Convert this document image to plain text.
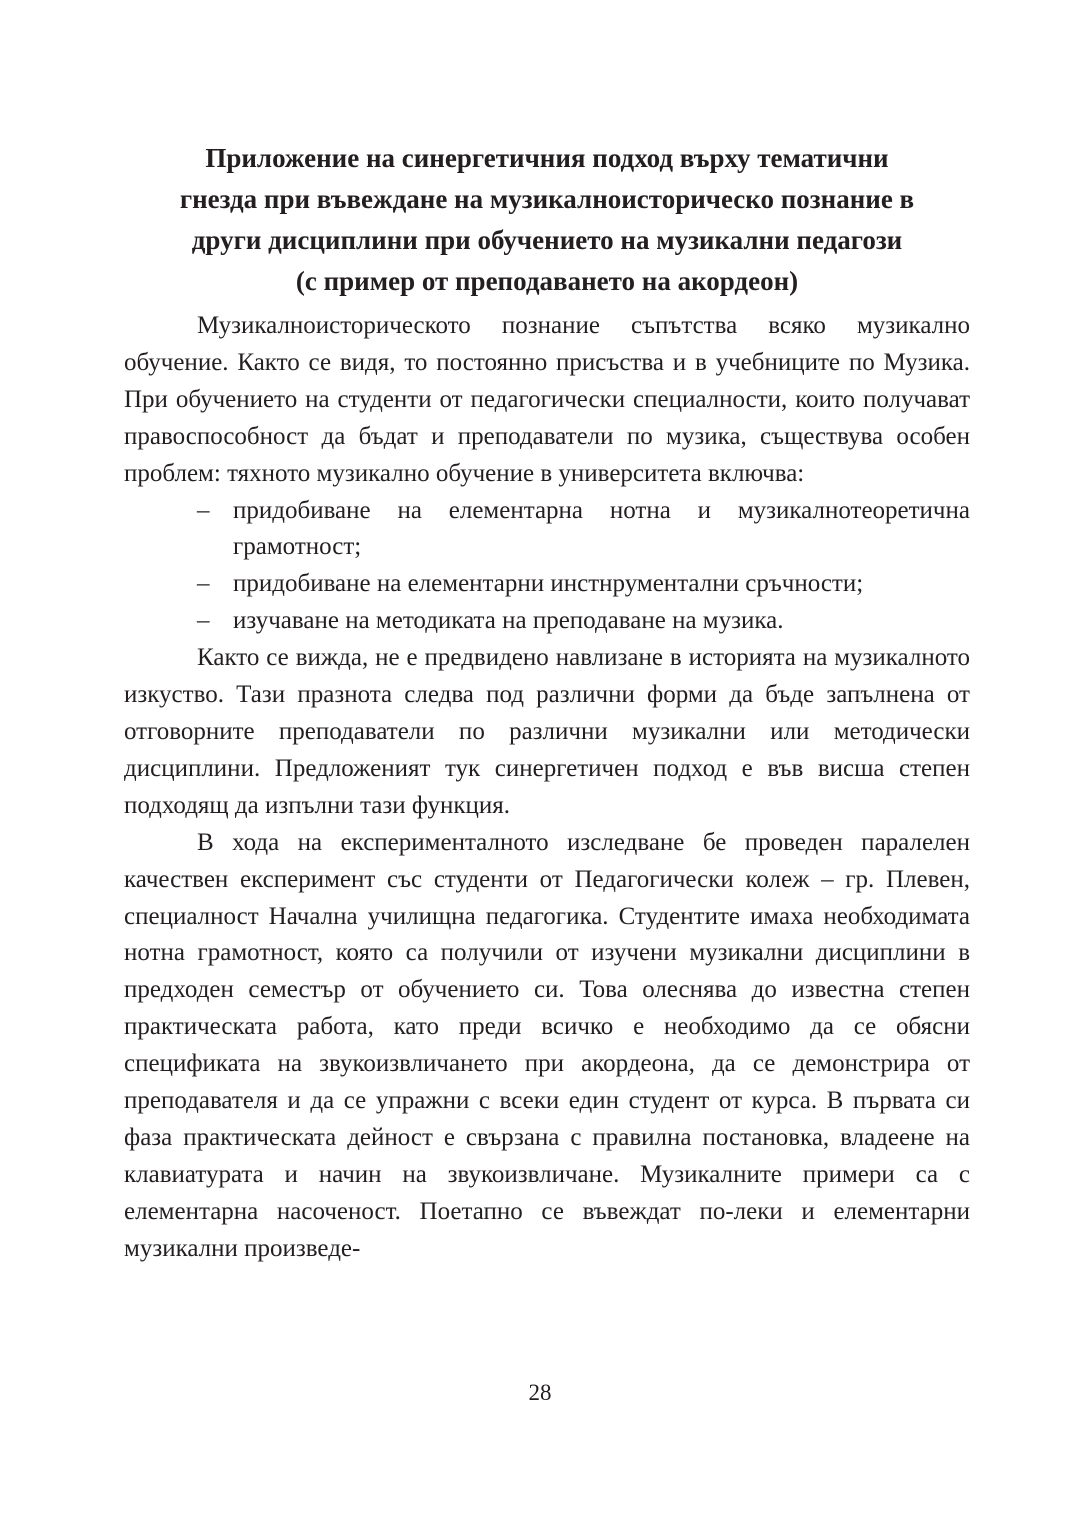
Приложение на синергетичния подход върху тематични
гнезда при въвеждане на музикалноисторическо познание в
други дисциплини при обучението на музикални педагози
(с пример от преподаването на акордеон)

Музикалноисторическото познание съпътства всяко музикално обучение. Както се видя, то постоянно присъства и в учебниците по Музика. При обучението на студенти от педагогически специалности, които получават правоспособност да бъдат и преподаватели по музика, съществува особен проблем: тяхното музикално обучение в университета включва:

– придобиване на елементарна нотна и музикалнотеоретична грамотност;
– придобиване на елементарни инстнрументални сръчности;
– изучаване на методиката на преподаване на музика.

Както се вижда, не е предвидено навлизане в историята на музикалното изкуство. Тази празнота следва под различни форми да бъде запълнена от отговорните преподаватели по различни музикални или методически дисциплини. Предложеният тук синергетичен подход е във висша степен подходящ да изпълни тази функция.

В хода на експерименталното изследване бе проведен паралелен качествен експеримент със студенти от Педагогически колеж – гр. Плевен, специалност Начална училищна педагогика. Студентите имаха необходимата нотна грамотност, която са получили от изучени музикални дисциплини в предходен семестър от обучението си. Това олеснява до известна степен практическата работа, като преди всичко е необходимо да се обясни спецификата на звукоизвличането при акордеона, да се демонстрира от преподавателя и да се упражни с всеки един студент от курса. В първата си фаза практическата дейност е свързана с правилна постановка, владеене на клавиатурата и начин на звукоизвличане. Музикалните примери са с елементарна насоченост. Поетапно се въвеждат по-леки и елементарни музикални произведе-

28
